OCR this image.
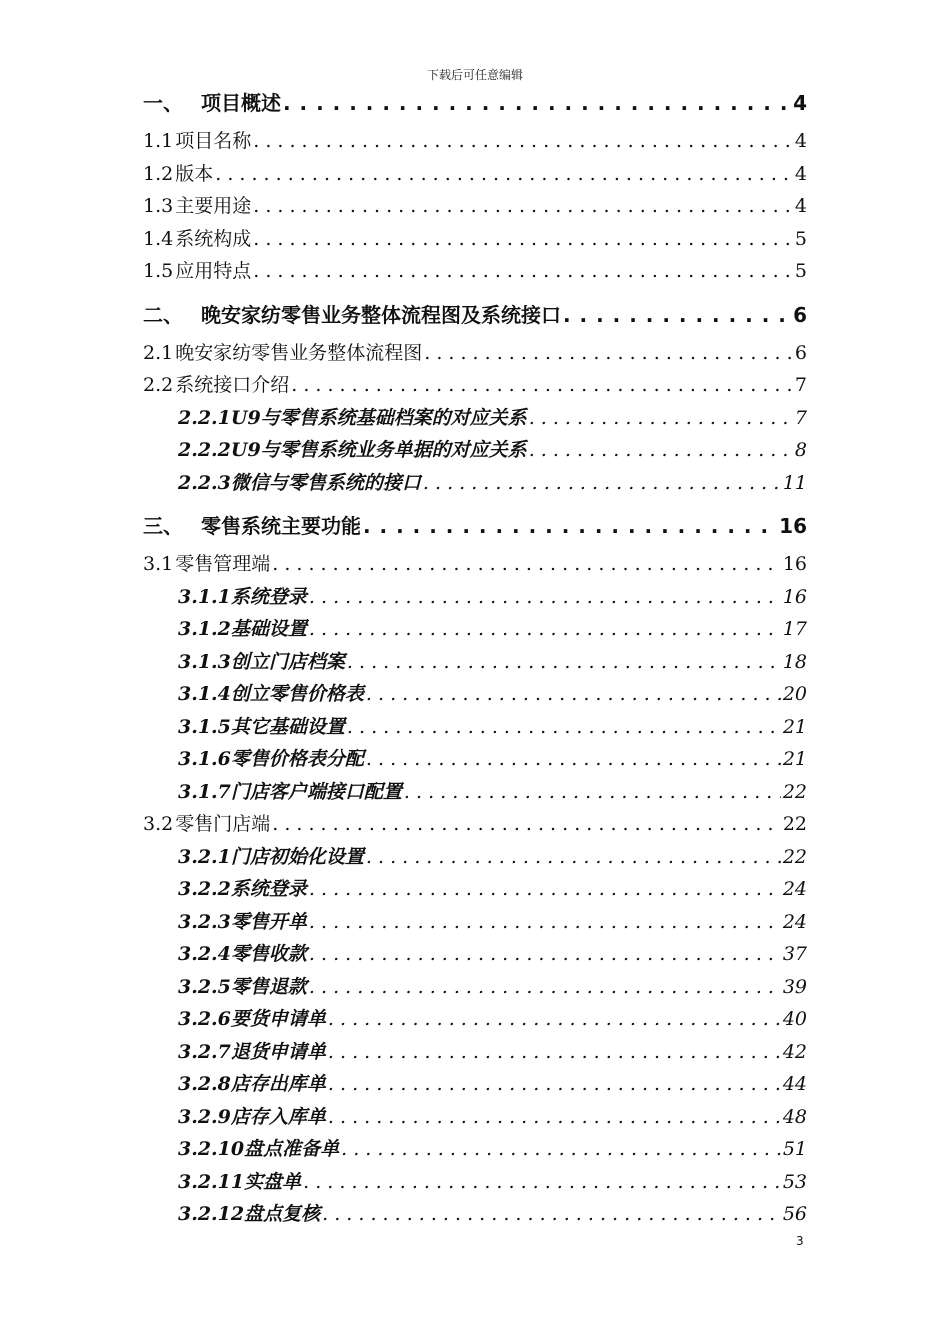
下载后可任意编辑
一、 项目概述 . . .	4
1.1 项目名称 . . .	4
1.2 版本 . . .	4
1.3 主要用途 . . .	4
1.4 系统构成 . . .	5
1.5 应用特点 . . .	5
二、 晚安家纺零售业务整体流程图及系统接口 . . .	6
2.1 晚安家纺零售业务整体流程图 . . .	6
2.2 系统接口介绍 . . .	7
2.2.1 U9与零售系统基础档案的对应关系 . . .	7
2.2.2 U9与零售系统业务单据的对应关系 . . .	8
2.2.3 微信与零售系统的接口 . . .	11
三、 零售系统主要功能 . . .	16
3.1 零售管理端 . . .	16
3.1.1 系统登录 . . .	16
3.1.2 基础设置 . . .	17
3.1.3 创立门店档案 . . .	18
3.1.4 创立零售价格表 . . .	20
3.1.5 其它基础设置 . . .	21
3.1.6 零售价格表分配 . . .	21
3.1.7 门店客户端接口配置 . . .	22
3.2 零售门店端 . . .	22
3.2.1 门店初始化设置 . . .	22
3.2.2 系统登录 . . .	24
3.2.3 零售开单 . . .	24
3.2.4 零售收款 . . .	37
3.2.5 零售退款 . . .	39
3.2.6 要货申请单 . . .	40
3.2.7 退货申请单 . . .	42
3.2.8 店存出库单 . . .	44
3.2.9 店存入库单 . . .	48
3.2.10 盘点准备单 . . .	51
3.2.11 实盘单 . . .	53
3.2.12 盘点复核 . . .	56
3
